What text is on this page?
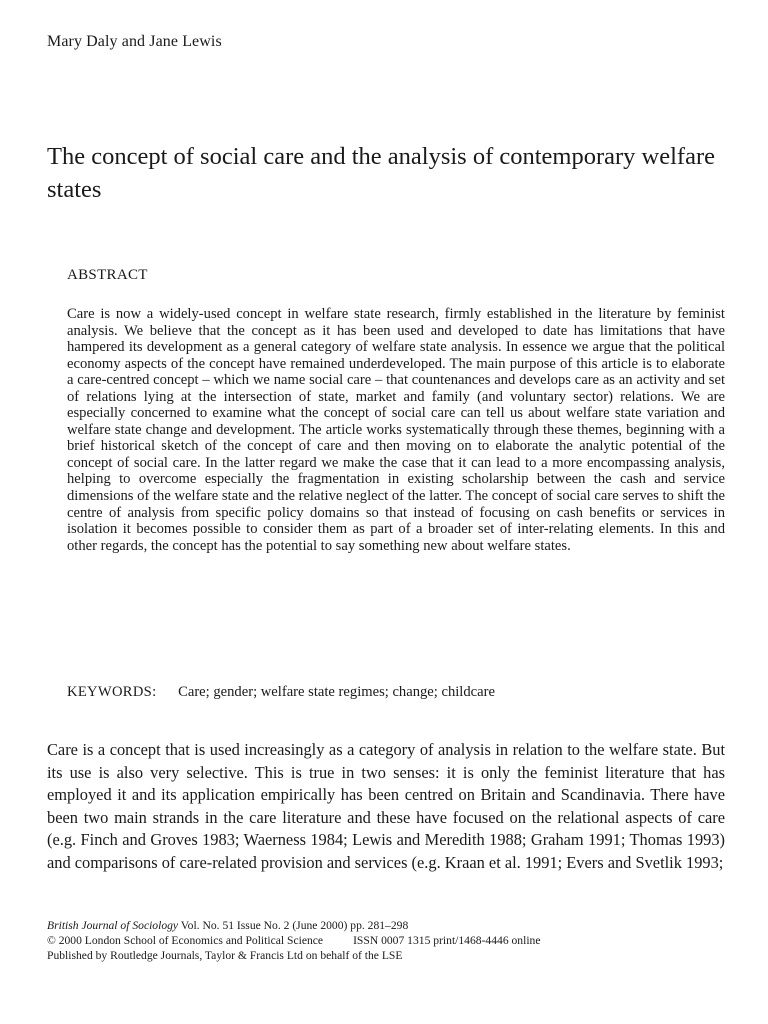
Mary Daly and Jane Lewis
The concept of social care and the analysis of contemporary welfare states
ABSTRACT

Care is now a widely-used concept in welfare state research, firmly established in the literature by feminist analysis. We believe that the concept as it has been used and developed to date has limitations that have hampered its development as a general category of welfare state analysis. In essence we argue that the political economy aspects of the concept have remained underdeveloped. The main purpose of this article is to elaborate a care-centred concept – which we name social care – that countenances and develops care as an activity and set of relations lying at the intersection of state, market and family (and voluntary sector) relations. We are especially concerned to examine what the concept of social care can tell us about welfare state variation and welfare state change and development. The article works systematically through these themes, beginning with a brief historical sketch of the concept of care and then moving on to elaborate the analytic potential of the concept of social care. In the latter regard we make the case that it can lead to a more encompassing analysis, helping to overcome especially the fragmentation in existing scholarship between the cash and service dimensions of the welfare state and the relative neglect of the latter. The concept of social care serves to shift the centre of analysis from specific policy domains so that instead of focusing on cash benefits or services in isolation it becomes possible to consider them as part of a broader set of inter-relating elements. In this and other regards, the concept has the potential to say something new about welfare states.

KEYWORDS: Care; gender; welfare state regimes; change; childcare

Care is a concept that is used increasingly as a category of analysis in relation to the welfare state. But its use is also very selective. This is true in two senses: it is only the feminist literature that has employed it and its application empirically has been centred on Britain and Scandinavia. There have been two main strands in the care literature and these have focused on the relational aspects of care (e.g. Finch and Groves 1983; Waerness 1984; Lewis and Meredith 1988; Graham 1991; Thomas 1993) and comparisons of care-related provision and services (e.g. Kraan et al. 1991; Evers and Svetlik 1993;

British Journal of Sociology Vol. No. 51 Issue No. 2 (June 2000) pp. 281–298
© 2000 London School of Economics and Political Science	ISSN 0007 1315 print/1468-4446 online
Published by Routledge Journals, Taylor & Francis Ltd on behalf of the LSE
